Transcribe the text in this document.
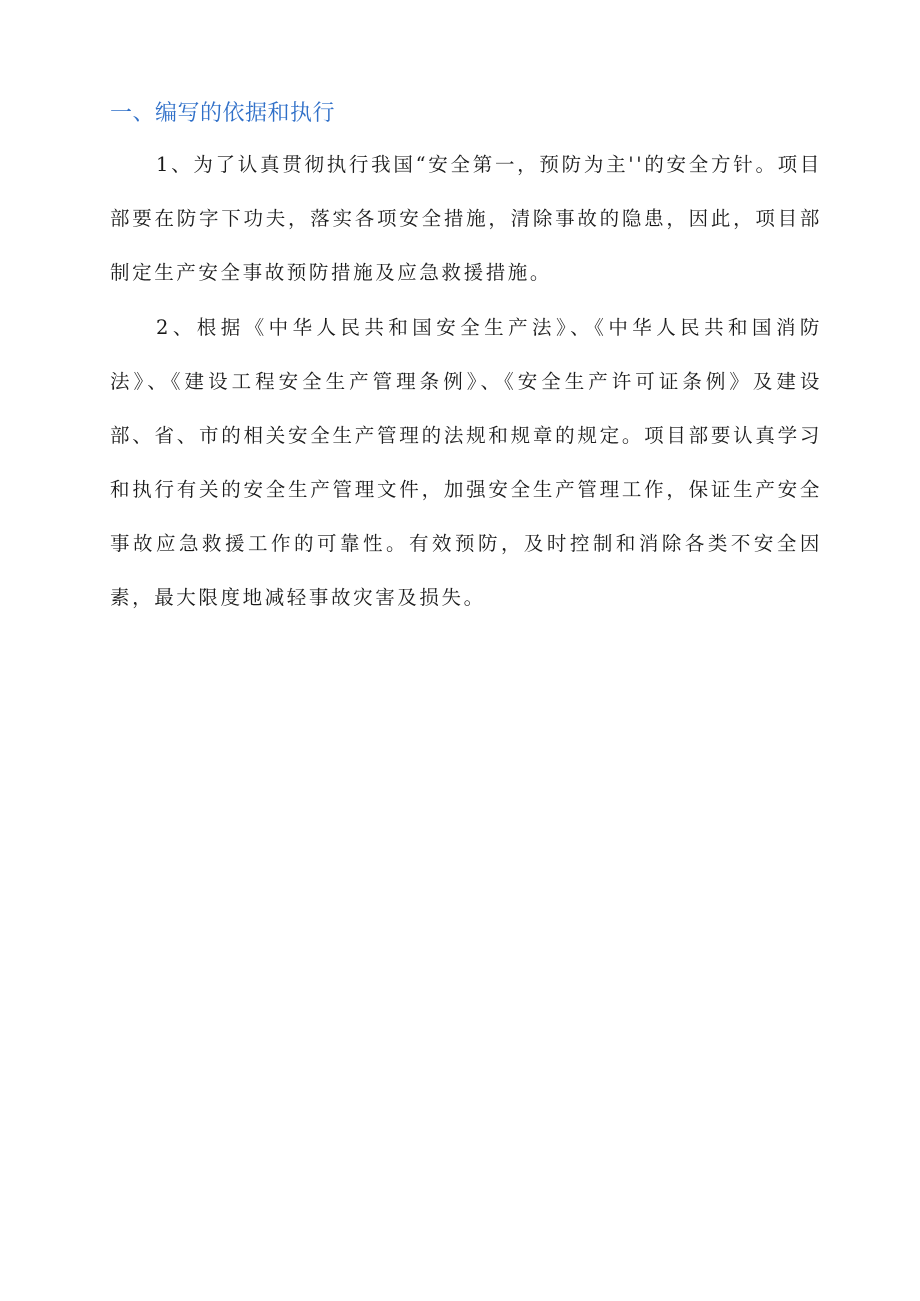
一、编写的依据和执行

1、为了认真贯彻执行我国“安全第一，预防为主''的安全方针。项目部要在防字下功夫，落实各项安全措施，清除事故的隐患，因此，项目部制定生产安全事故预防措施及应急救援措施。

2、根据《中华人民共和国安全生产法》、《中华人民共和国消防法》、《建设工程安全生产管理条例》、《安全生产许可证条例》及建设部、省、市的相关安全生产管理的法规和规章的规定。项目部要认真学习和执行有关的安全生产管理文件，加强安全生产管理工作，保证生产安全事故应急救援工作的可靠性。有效预防，及时控制和消除各类不安全因素，最大限度地减轻事故灾害及损失。
